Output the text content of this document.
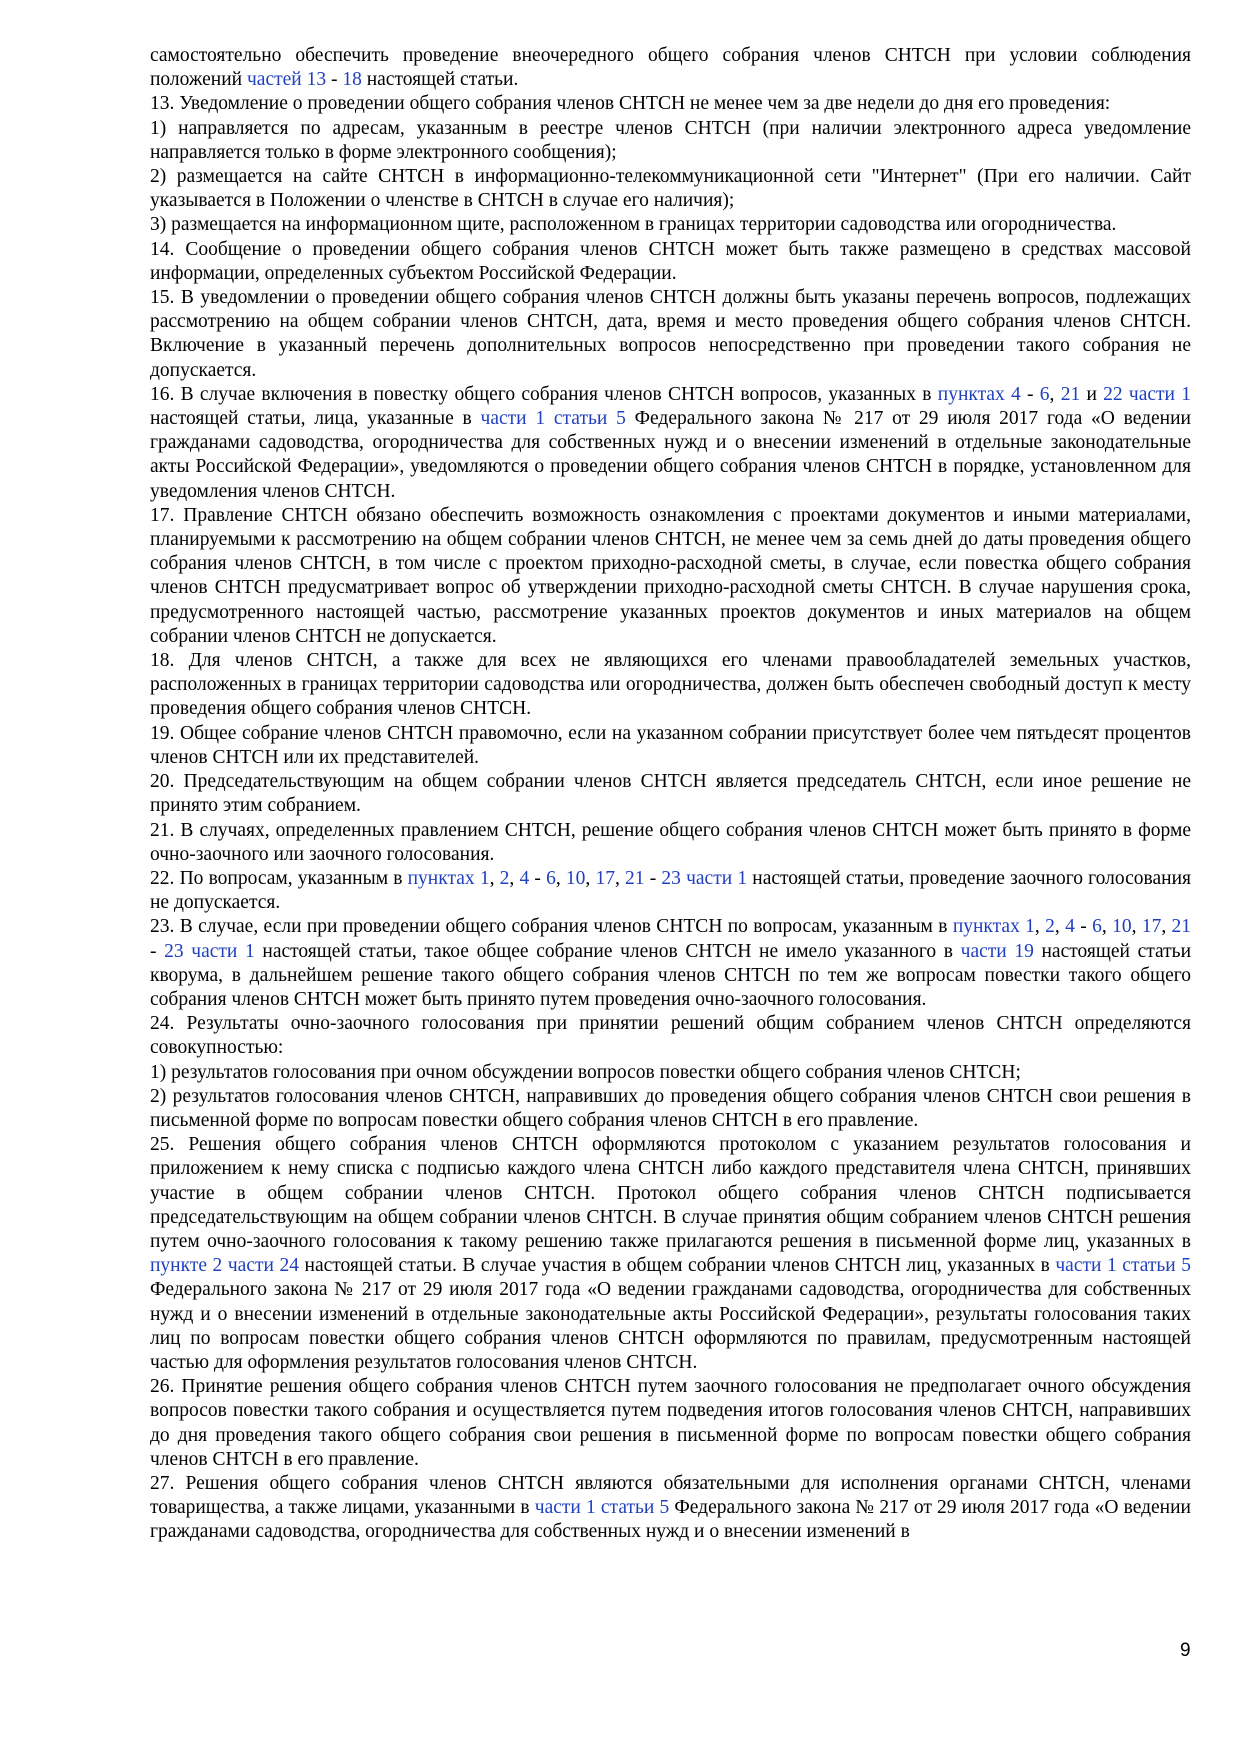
самостоятельно обеспечить проведение внеочередного общего собрания членов СНТСН при условии соблюдения положений частей 13 - 18 настоящей статьи.

13. Уведомление о проведении общего собрания членов СНТСН не менее чем за две недели до дня его проведения:

1) направляется по адресам, указанным в реестре членов СНТСН (при наличии электронного адреса уведомление направляется только в форме электронного сообщения);

2) размещается на сайте СНТСН в информационно-телекоммуникационной сети "Интернет" (При его наличии. Сайт указывается в Положении о членстве в СНТСН в случае его наличия);

3) размещается на информационном щите, расположенном в границах территории садоводства или огородничества.

14. Сообщение о проведении общего собрания членов СНТСН может быть также размещено в средствах массовой информации, определенных субъектом Российской Федерации.

15. В уведомлении о проведении общего собрания членов СНТСН должны быть указаны перечень вопросов, подлежащих рассмотрению на общем собрании членов СНТСН, дата, время и место проведения общего собрания членов СНТСН. Включение в указанный перечень дополнительных вопросов непосредственно при проведении такого собрания не допускается.

16. В случае включения в повестку общего собрания членов СНТСН вопросов, указанных в пунктах 4 - 6, 21 и 22 части 1 настоящей статьи, лица, указанные в части 1 статьи 5 Федерального закона № 217 от 29 июля 2017 года «О ведении гражданами садоводства, огородничества для собственных нужд и о внесении изменений в отдельные законодательные акты Российской Федерации», уведомляются о проведении общего собрания членов СНТСН в порядке, установленном для уведомления членов СНТСН.

17. Правление СНТСН обязано обеспечить возможность ознакомления с проектами документов и иными материалами, планируемыми к рассмотрению на общем собрании членов СНТСН, не менее чем за семь дней до даты проведения общего собрания членов СНТСН, в том числе с проектом приходно-расходной сметы, в случае, если повестка общего собрания членов СНТСН предусматривает вопрос об утверждении приходно-расходной сметы СНТСН. В случае нарушения срока, предусмотренного настоящей частью, рассмотрение указанных проектов документов и иных материалов на общем собрании членов СНТСН не допускается.

18. Для членов СНТСН, а также для всех не являющихся его членами правообладателей земельных участков, расположенных в границах территории садоводства или огородничества, должен быть обеспечен свободный доступ к месту проведения общего собрания членов СНТСН.

19. Общее собрание членов СНТСН правомочно, если на указанном собрании присутствует более чем пятьдесят процентов членов СНТСН или их представителей.

20. Председательствующим на общем собрании членов СНТСН является председатель СНТСН, если иное решение не принято этим собранием.

21. В случаях, определенных правлением СНТСН, решение общего собрания членов СНТСН может быть принято в форме очно-заочного или заочного голосования.

22. По вопросам, указанным в пунктах 1, 2, 4 - 6, 10, 17, 21 - 23 части 1 настоящей статьи, проведение заочного голосования не допускается.

23. В случае, если при проведении общего собрания членов СНТСН по вопросам, указанным в пунктах 1, 2, 4 - 6, 10, 17, 21 - 23 части 1 настоящей статьи, такое общее собрание членов СНТСН не имело указанного в части 19 настоящей статьи кворума, в дальнейшем решение такого общего собрания членов СНТСН по тем же вопросам повестки такого общего собрания членов СНТСН может быть принято путем проведения очно-заочного голосования.

24. Результаты очно-заочного голосования при принятии решений общим собранием членов СНТСН определяются совокупностью:

1) результатов голосования при очном обсуждении вопросов повестки общего собрания членов СНТСН;

2) результатов голосования членов СНТСН, направивших до проведения общего собрания членов СНТСН свои решения в письменной форме по вопросам повестки общего собрания членов СНТСН в его правление.

25. Решения общего собрания членов СНТСН оформляются протоколом с указанием результатов голосования и приложением к нему списка с подписью каждого члена СНТСН либо каждого представителя члена СНТСН, принявших участие в общем собрании членов СНТСН. Протокол общего собрания членов СНТСН подписывается председательствующим на общем собрании членов СНТСН. В случае принятия общим собранием членов СНТСН решения путем очно-заочного голосования к такому решению также прилагаются решения в письменной форме лиц, указанных в пункте 2 части 24 настоящей статьи. В случае участия в общем собрании членов СНТСН лиц, указанных в части 1 статьи 5 Федерального закона № 217 от 29 июля 2017 года «О ведении гражданами садоводства, огородничества для собственных нужд и о внесении изменений в отдельные законодательные акты Российской Федерации», результаты голосования таких лиц по вопросам повестки общего собрания членов СНТСН оформляются по правилам, предусмотренным настоящей частью для оформления результатов голосования членов СНТСН.

26. Принятие решения общего собрания членов СНТСН путем заочного голосования не предполагает очного обсуждения вопросов повестки такого собрания и осуществляется путем подведения итогов голосования членов СНТСН, направивших до дня проведения такого общего собрания свои решения в письменной форме по вопросам повестки общего собрания членов СНТСН в его правление.

27. Решения общего собрания членов СНТСН являются обязательными для исполнения органами СНТСН, членами товарищества, а также лицами, указанными в части 1 статьи 5 Федерального закона № 217 от 29 июля 2017 года «О ведении гражданами садоводства, огородничества для собственных нужд и о внесении изменений в

9
